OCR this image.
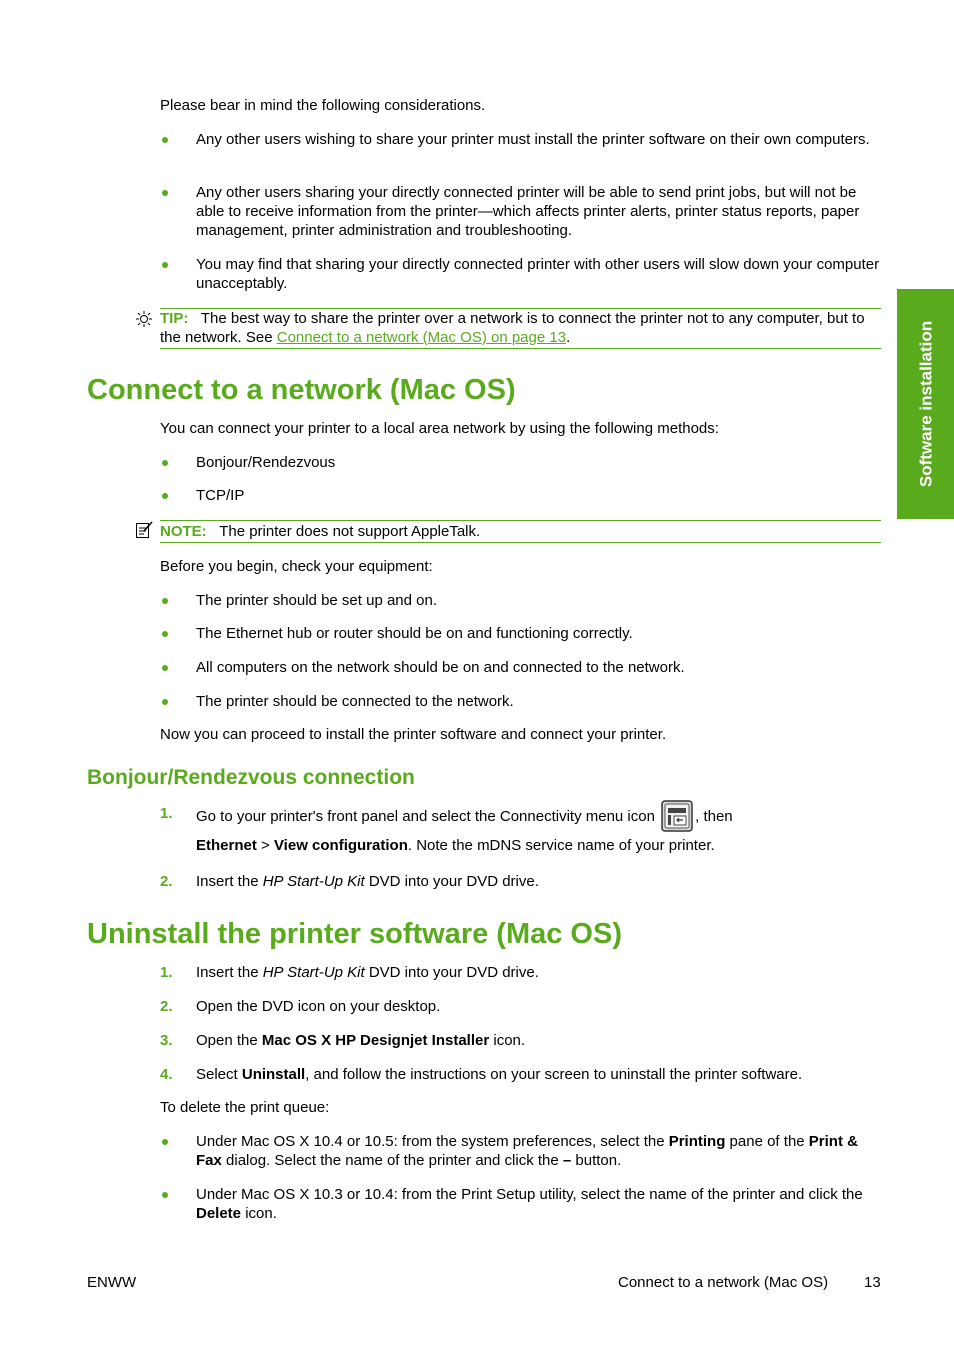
Please bear in mind the following considerations.
Any other users wishing to share your printer must install the printer software on their own computers.
Any other users sharing your directly connected printer will be able to send print jobs, but will not be able to receive information from the printer—which affects printer alerts, printer status reports, paper management, printer administration and troubleshooting.
You may find that sharing your directly connected printer with other users will slow down your computer unacceptably.
TIP: The best way to share the printer over a network is to connect the printer not to any computer, but to the network. See Connect to a network (Mac OS) on page 13.
Connect to a network (Mac OS)
You can connect your printer to a local area network by using the following methods:
Bonjour/Rendezvous
TCP/IP
NOTE: The printer does not support AppleTalk.
Before you begin, check your equipment:
The printer should be set up and on.
The Ethernet hub or router should be on and functioning correctly.
All computers on the network should be on and connected to the network.
The printer should be connected to the network.
Now you can proceed to install the printer software and connect your printer.
Bonjour/Rendezvous connection
1. Go to your printer's front panel and select the Connectivity menu icon	, then
Ethernet > View configuration. Note the mDNS service name of your printer.
2. Insert the HP Start-Up Kit DVD into your DVD drive.
Uninstall the printer software (Mac OS)
1. Insert the HP Start-Up Kit DVD into your DVD drive.
2. Open the DVD icon on your desktop.
3. Open the Mac OS X HP Designjet Installer icon.
4. Select Uninstall, and follow the instructions on your screen to uninstall the printer software.
To delete the print queue:
Under Mac OS X 10.4 or 10.5: from the system preferences, select the Printing pane of the Print & Fax dialog. Select the name of the printer and click the – button.
Under Mac OS X 10.3 or 10.4: from the Print Setup utility, select the name of the printer and click the Delete icon.
Software installation
ENWW	Connect to a network (Mac OS) 13
